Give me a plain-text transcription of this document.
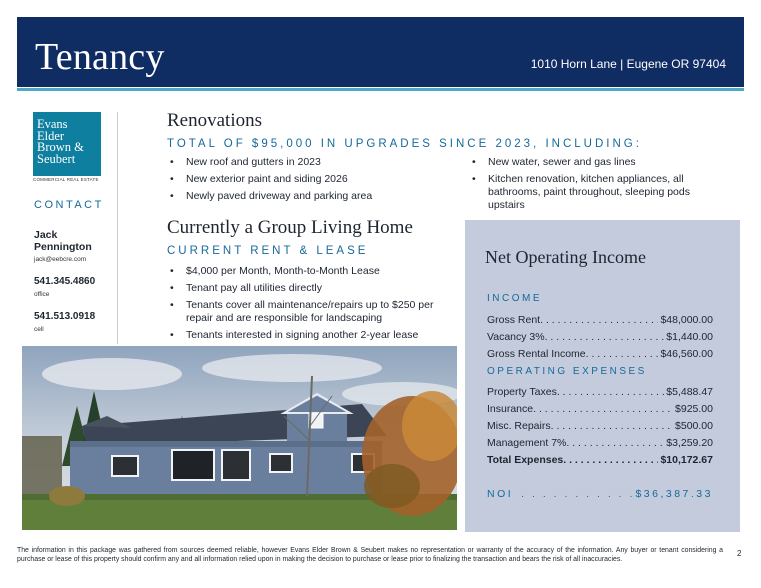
Tenancy	1010 Horn Lane | Eugene OR 97404
Evans
Elder
Brown &
Seubert
COMMERCIAL REAL ESTATE
CONTACT
Jack Pennington
jack@eebcre.com
541.345.4860
office
541.513.0918
cell
Renovations
TOTAL OF $95,000 IN UPGRADES SINCE 2023, INCLUDING:
• New roof and gutters in 2023
• New exterior paint and siding 2026
• Newly paved driveway and parking area
• New water, sewer and gas lines
• Kitchen renovation, kitchen appliances, all bathrooms, paint throughout, sleeping pods upstairs
Currently a Group Living Home
CURRENT RENT & LEASE
• $4,000 per Month, Month-to-Month Lease
• Tenant pay all utilities directly
• Tenants cover all maintenance/repairs up to $250 per repair and are responsible for landscaping
• Tenants interested in signing another 2-year lease
Net Operating Income
INCOME
Gross Rent . . .	$48,000.00
Vacancy 3% . . .	$1,440.00
Gross Rental Income . . .	$46,560.00
OPERATING EXPENSES
Property Taxes . . .	$5,488.47
Insurance . . .	$925.00
Misc. Repairs . . .	$500.00
Management 7% . . .	$3,259.20
Total Expenses . . .	$10,172.67
NOI . . .	$36,387.33
The information in this package was gathered from sources deemed reliable, however Evans Elder Brown & Seubert makes no representation or warranty of the accuracy of the information. Any buyer or tenant considering a purchase or lease of this property should confirm any and all information relied upon in making the decision to purchase or lease prior to finalizing the transaction and bears the risk of all inaccuracies.
2
